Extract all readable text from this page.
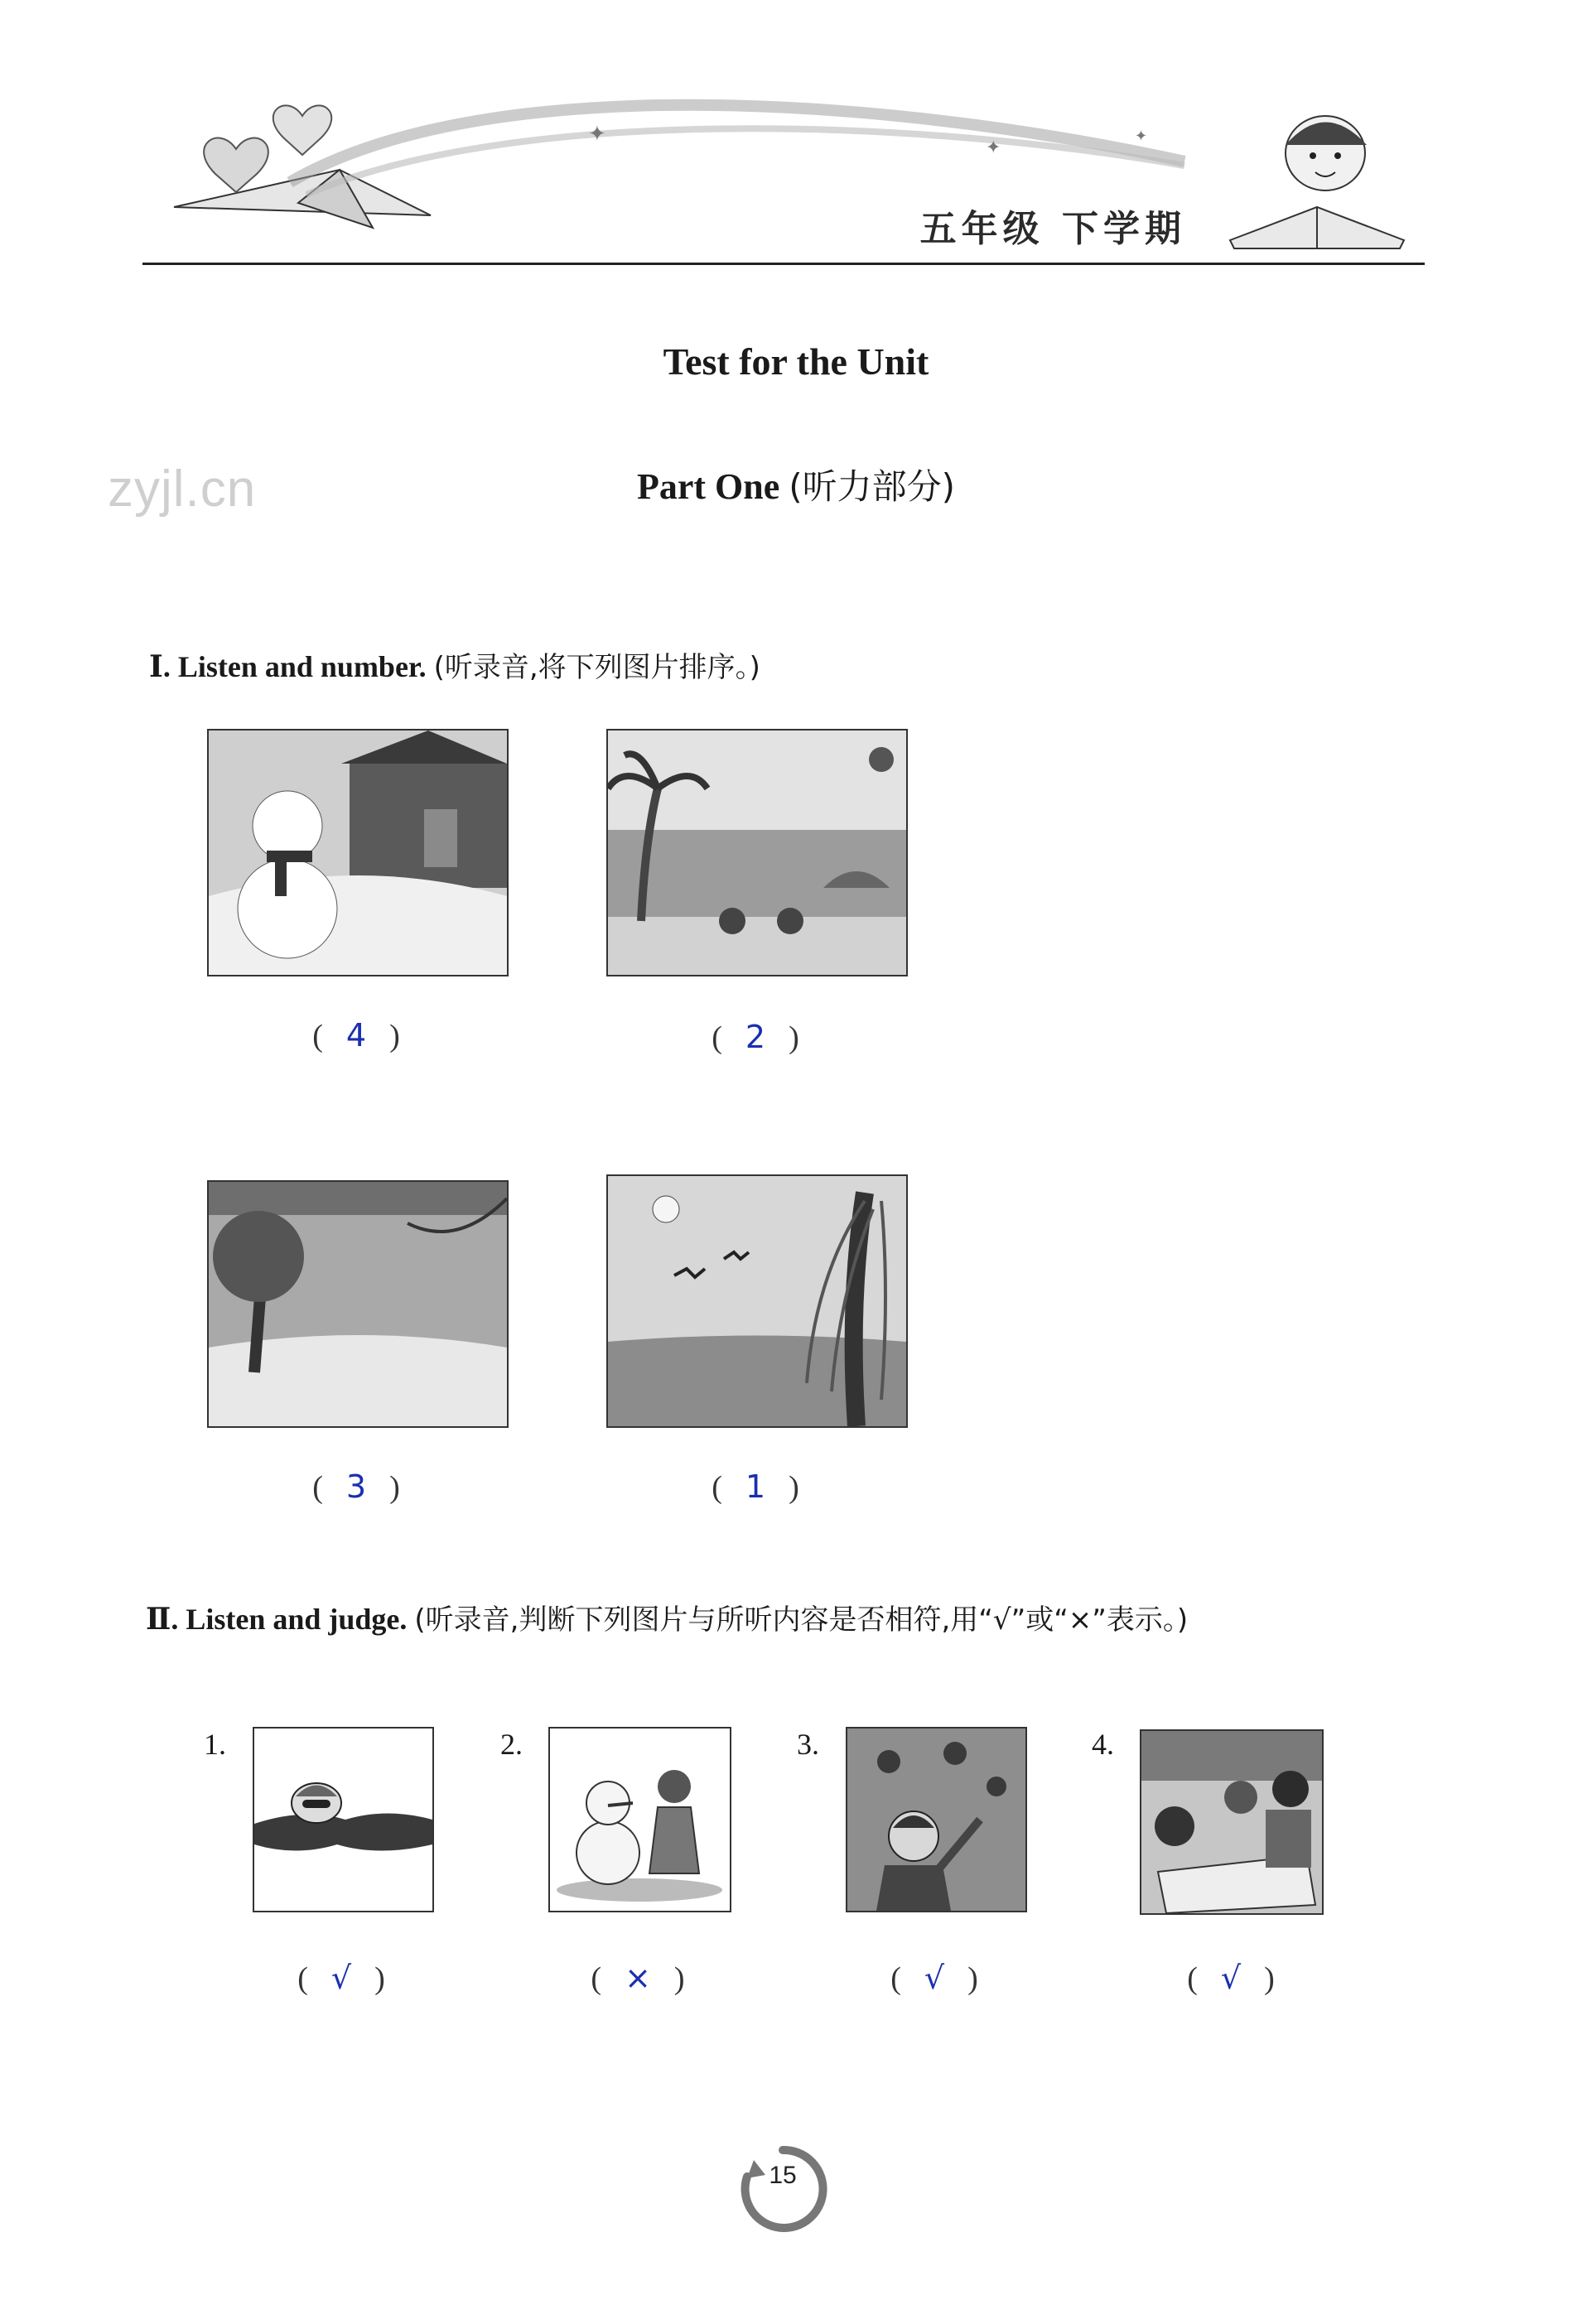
✦
✦
✦
五年级 下学期
zyjl.cn
Test for the Unit
Part One (听力部分)
Ⅰ. Listen and number. (听录音,将下列图片排序。)
( 4 )	( 2 )
( 3 )	( 1 )
Ⅱ. Listen and judge. (听录音,判断下列图片与所听内容是否相符,用“√”或“×”表示。)
1.	2.	3.	4.
( √ )	( × )	( √ )	( √ )
15
